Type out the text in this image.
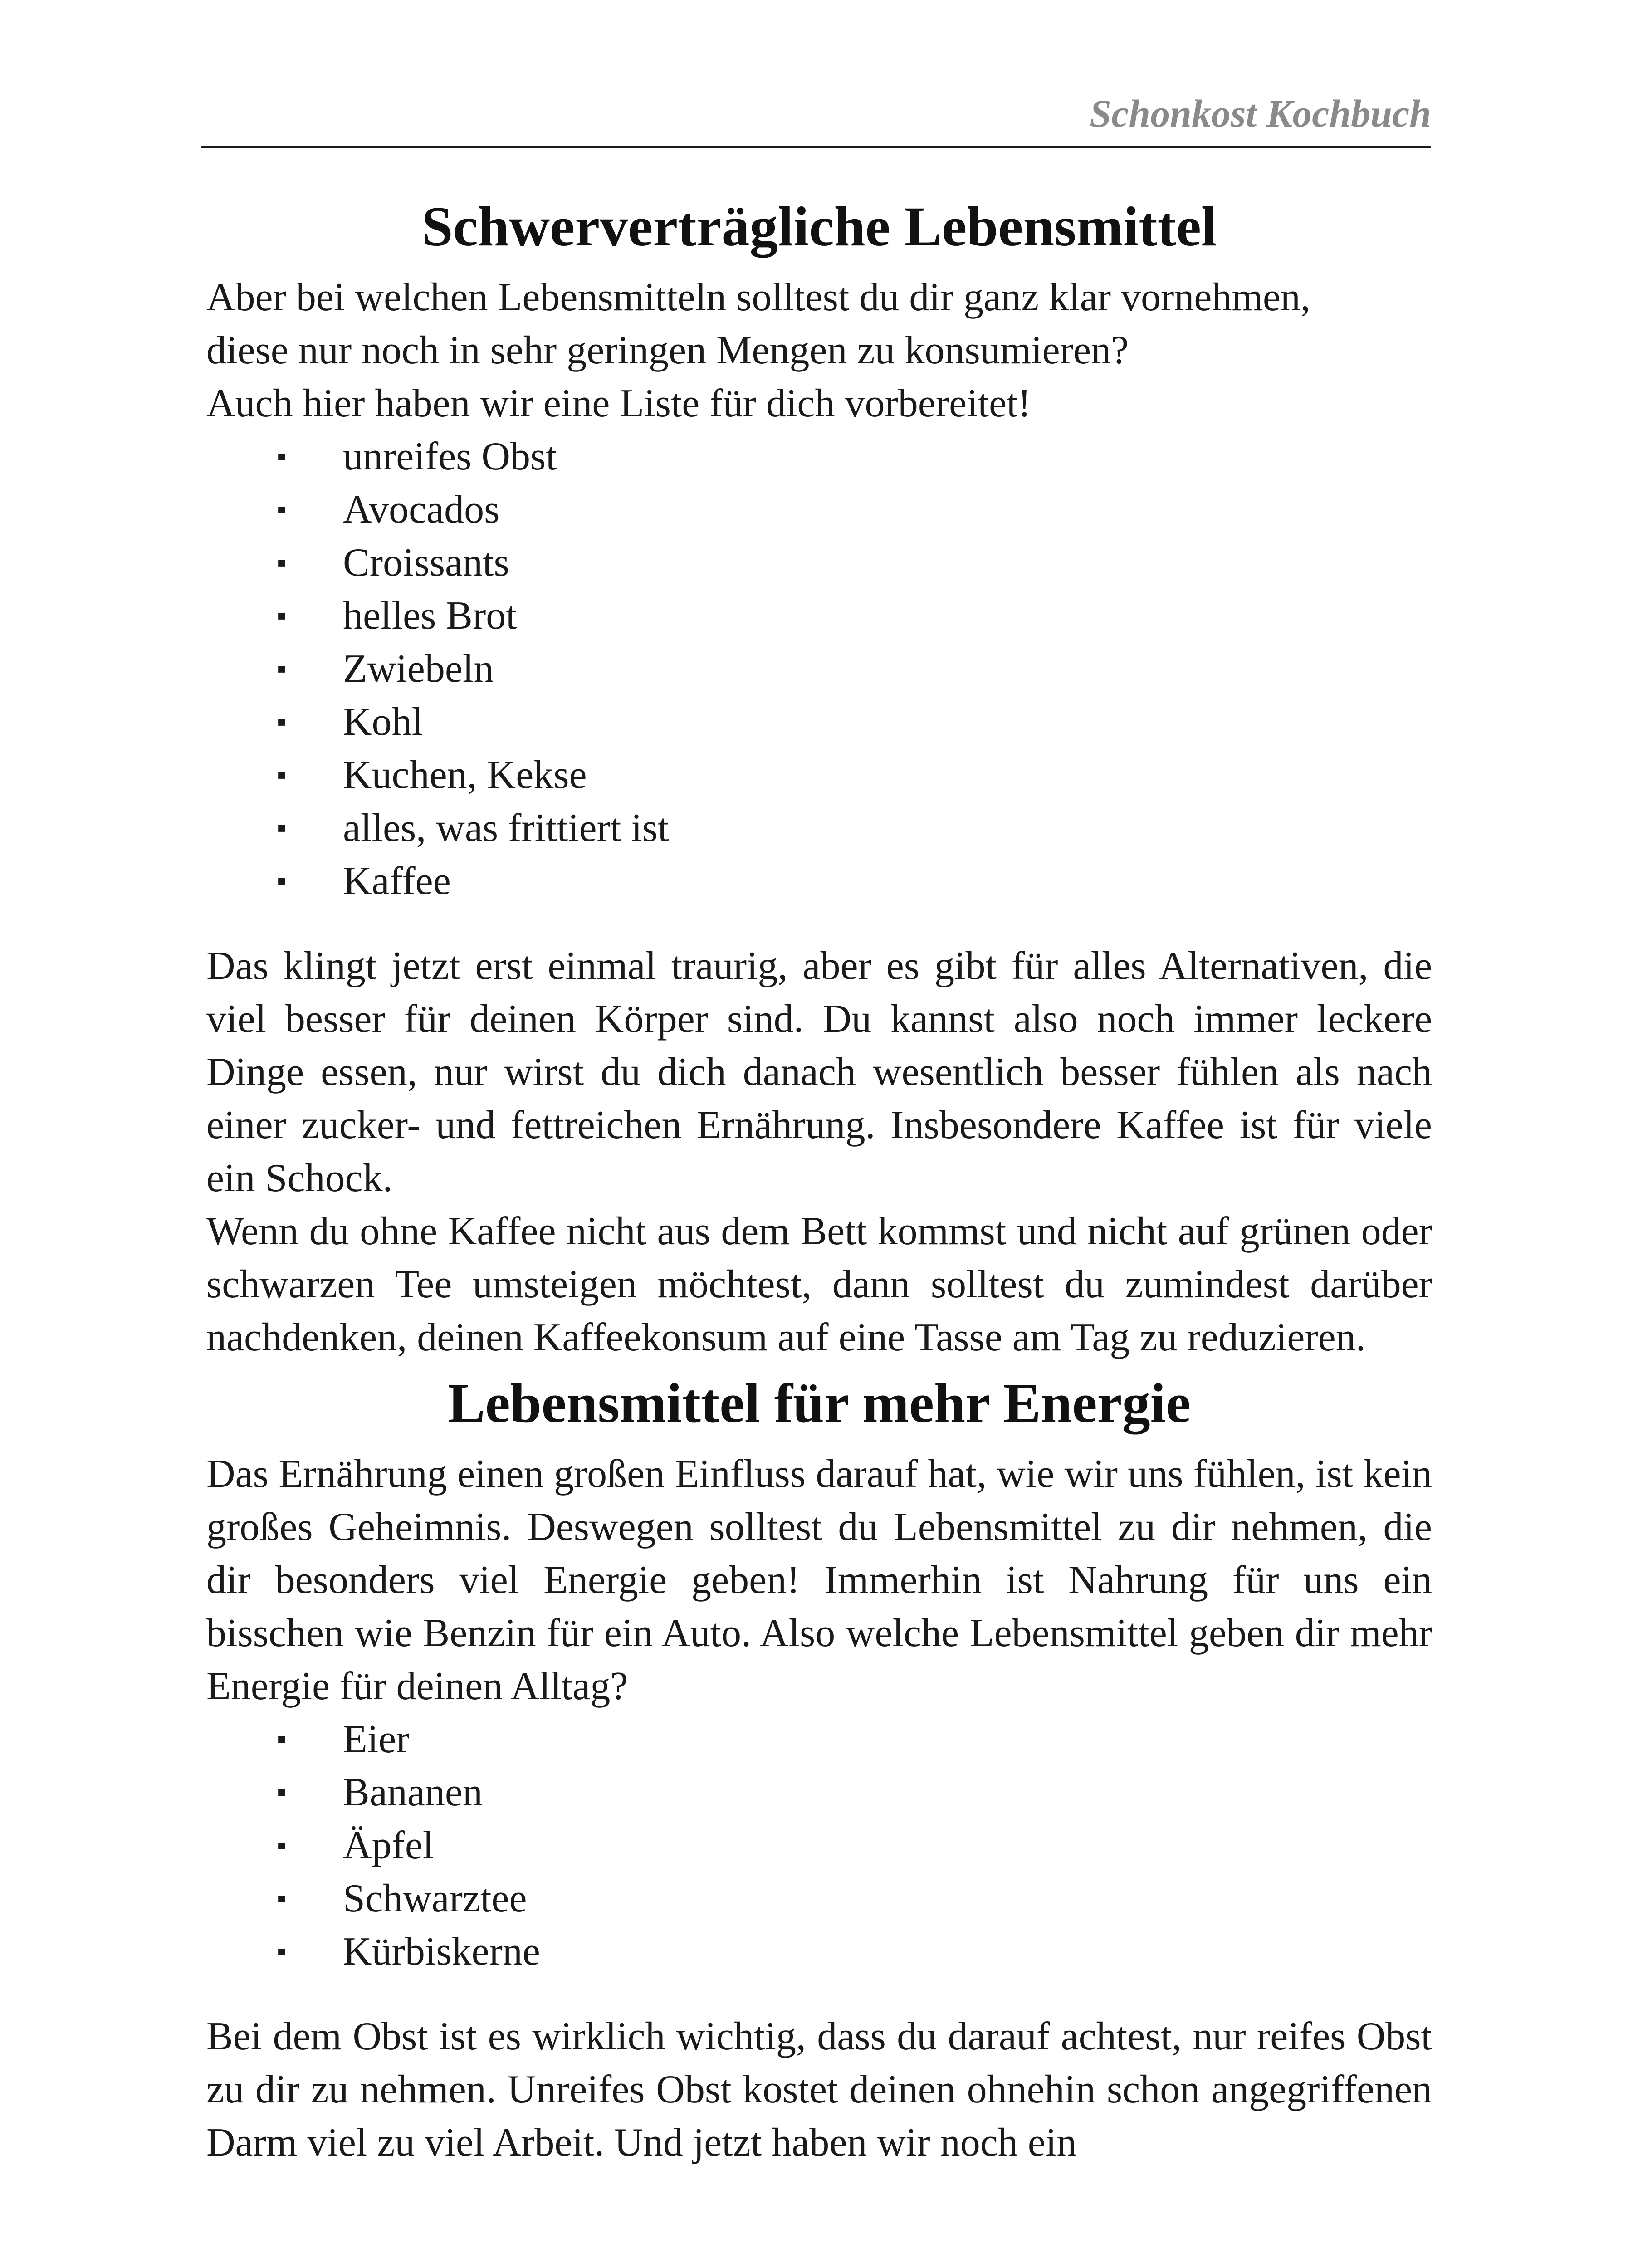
Schonkost Kochbuch
Schwerverträgliche Lebensmittel

Aber bei welchen Lebensmitteln solltest du dir ganz klar vornehmen,
diese nur noch in sehr geringen Mengen zu konsumieren?
Auch hier haben wir eine Liste für dich vorbereitet!

▪	unreifes Obst
▪	Avocados
▪	Croissants
▪	helles Brot
▪	Zwiebeln
▪	Kohl
▪	Kuchen, Kekse
▪	alles, was frittiert ist
▪	Kaffee

Das klingt jetzt erst einmal traurig, aber es gibt für alles Alternativen, die viel besser für deinen Körper sind. Du kannst also noch immer leckere Dinge essen, nur wirst du dich danach wesentlich besser fühlen als nach einer zucker- und fettreichen Ernährung. Insbesondere Kaffee ist für viele ein Schock.

Wenn du ohne Kaffee nicht aus dem Bett kommst und nicht auf grünen oder schwarzen Tee umsteigen möchtest, dann solltest du zumindest darüber nachdenken, deinen Kaffeekonsum auf eine Tasse am Tag zu reduzieren.

Lebensmittel für mehr Energie

Das Ernährung einen großen Einfluss darauf hat, wie wir uns fühlen, ist kein großes Geheimnis. Deswegen solltest du Lebensmittel zu dir nehmen, die dir besonders viel Energie geben! Immerhin ist Nahrung für uns ein bisschen wie Benzin für ein Auto. Also welche Lebensmittel geben dir mehr Energie für deinen Alltag?

▪	Eier
▪	Bananen
▪	Äpfel
▪	Schwarztee
▪	Kürbiskerne

Bei dem Obst ist es wirklich wichtig, dass du darauf achtest, nur reifes Obst zu dir zu nehmen. Unreifes Obst kostet deinen ohnehin schon angegriffenen Darm viel zu viel Arbeit. Und jetzt haben wir noch ein
